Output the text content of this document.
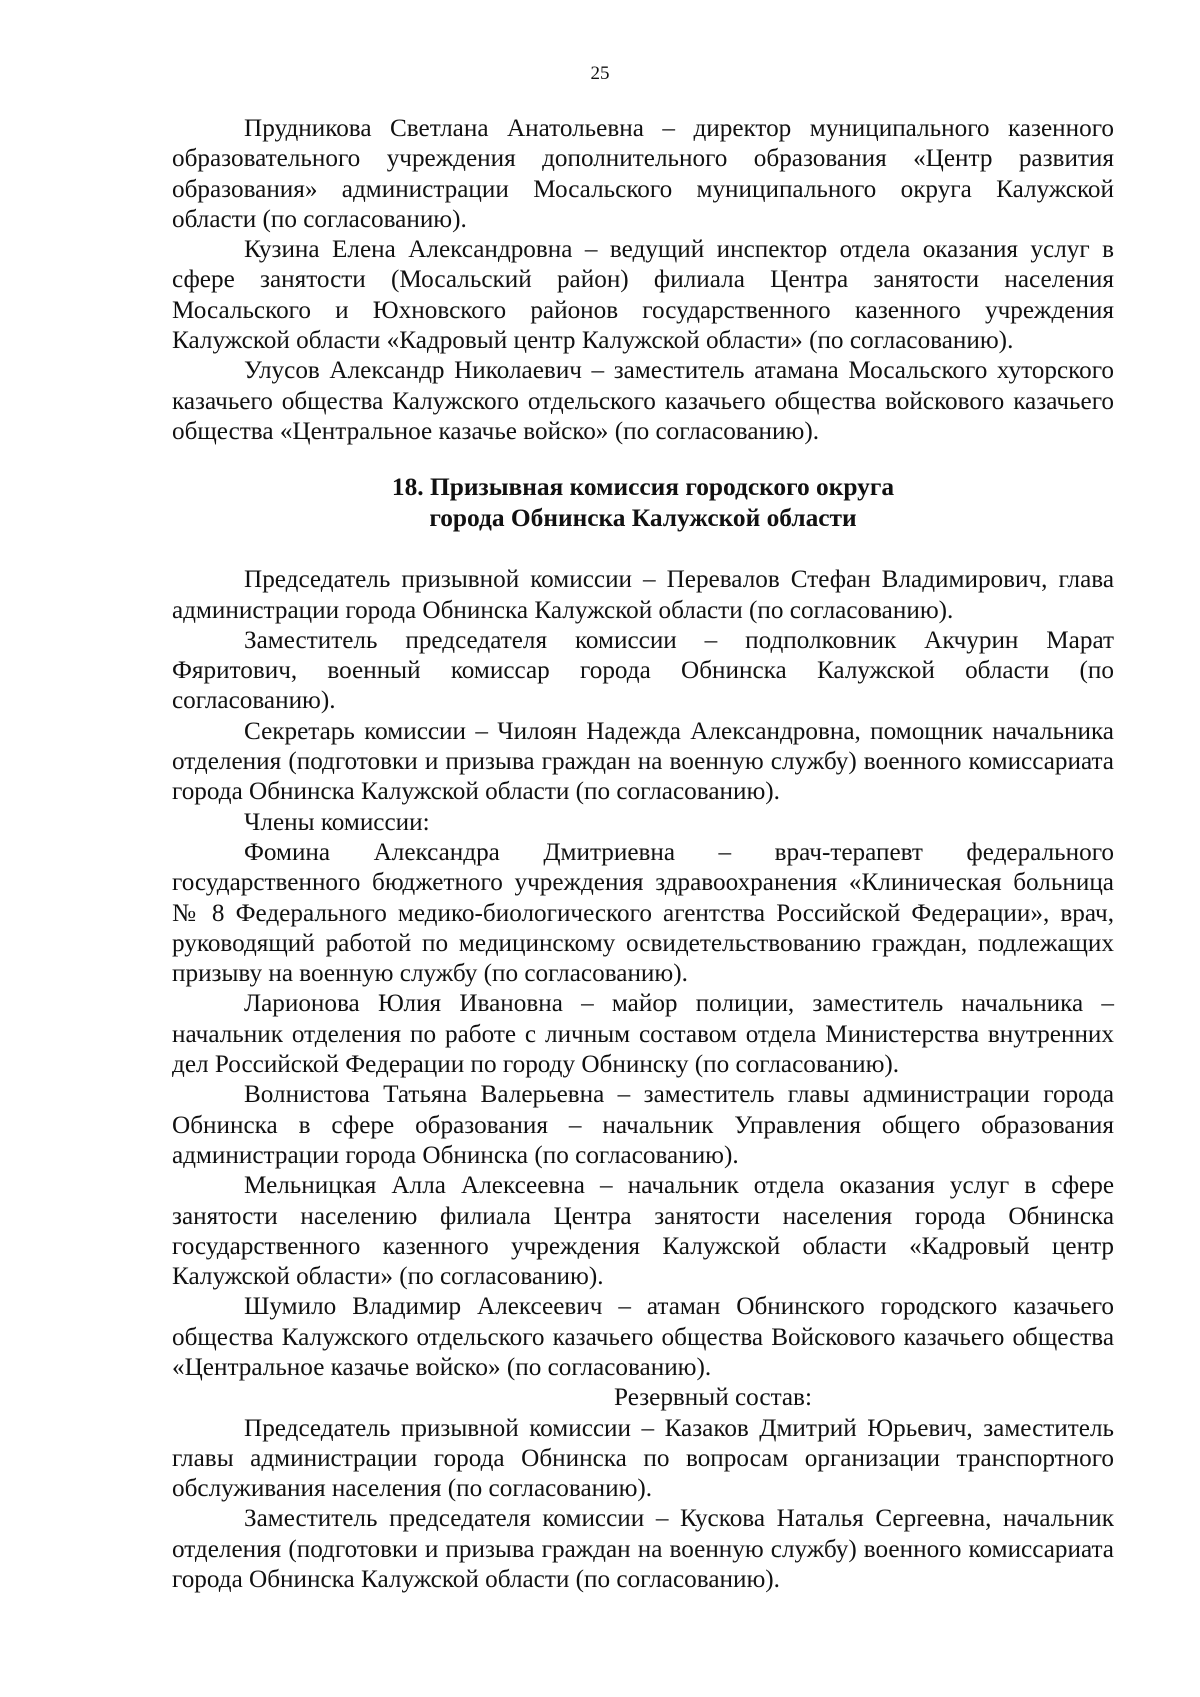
25

Прудникова Светлана Анатольевна – директор муниципального казенного образовательного учреждения дополнительного образования «Центр развития образования» администрации Мосальского муниципального округа Калужской области (по согласованию).

Кузина Елена Александровна – ведущий инспектор отдела оказания услуг в сфере занятости (Мосальский район) филиала Центра занятости населения Мосальского и Юхновского районов государственного казенного учреждения Калужской области «Кадровый центр Калужской области» (по согласованию).

Улусов Александр Николаевич – заместитель атамана Мосальского хуторского казачьего общества Калужского отдельского казачьего общества войскового казачьего общества «Центральное казачье войско» (по согласованию).

18. Призывная комиссия городского округа
города Обнинска Калужской области

Председатель призывной комиссии – Перевалов Стефан Владимирович, глава администрации города Обнинска Калужской области (по согласованию).

Заместитель председателя комиссии – подполковник Акчурин Марат Фяритович, военный комиссар города Обнинска Калужской области (по согласованию).

Секретарь комиссии – Чилоян Надежда Александровна, помощник начальника отделения (подготовки и призыва граждан на военную службу) военного комиссариата города Обнинска Калужской области (по согласованию).

Члены комиссии:

Фомина Александра Дмитриевна – врач-терапевт федерального государственного бюджетного учреждения здравоохранения «Клиническая больница № 8 Федерального медико-биологического агентства Российской Федерации», врач, руководящий работой по медицинскому освидетельствованию граждан, подлежащих призыву на военную службу (по согласованию).

Ларионова Юлия Ивановна – майор полиции, заместитель начальника – начальник отделения по работе с личным составом отдела Министерства внутренних дел Российской Федерации по городу Обнинску (по согласованию).

Волнистова Татьяна Валерьевна – заместитель главы администрации города Обнинска в сфере образования – начальник Управления общего образования администрации города Обнинска (по согласованию).

Мельницкая Алла Алексеевна – начальник отдела оказания услуг в сфере занятости населению филиала Центра занятости населения города Обнинска государственного казенного учреждения Калужской области «Кадровый центр Калужской области» (по согласованию).

Шумило Владимир Алексеевич – атаман Обнинского городского казачьего общества Калужского отдельского казачьего общества Войскового казачьего общества «Центральное казачье войско» (по согласованию).

Резервный состав:

Председатель призывной комиссии – Казаков Дмитрий Юрьевич, заместитель главы администрации города Обнинска по вопросам организации транспортного обслуживания населения (по согласованию).

Заместитель председателя комиссии – Кускова Наталья Сергеевна, начальник отделения (подготовки и призыва граждан на военную службу) военного комиссариата города Обнинска Калужской области (по согласованию).
